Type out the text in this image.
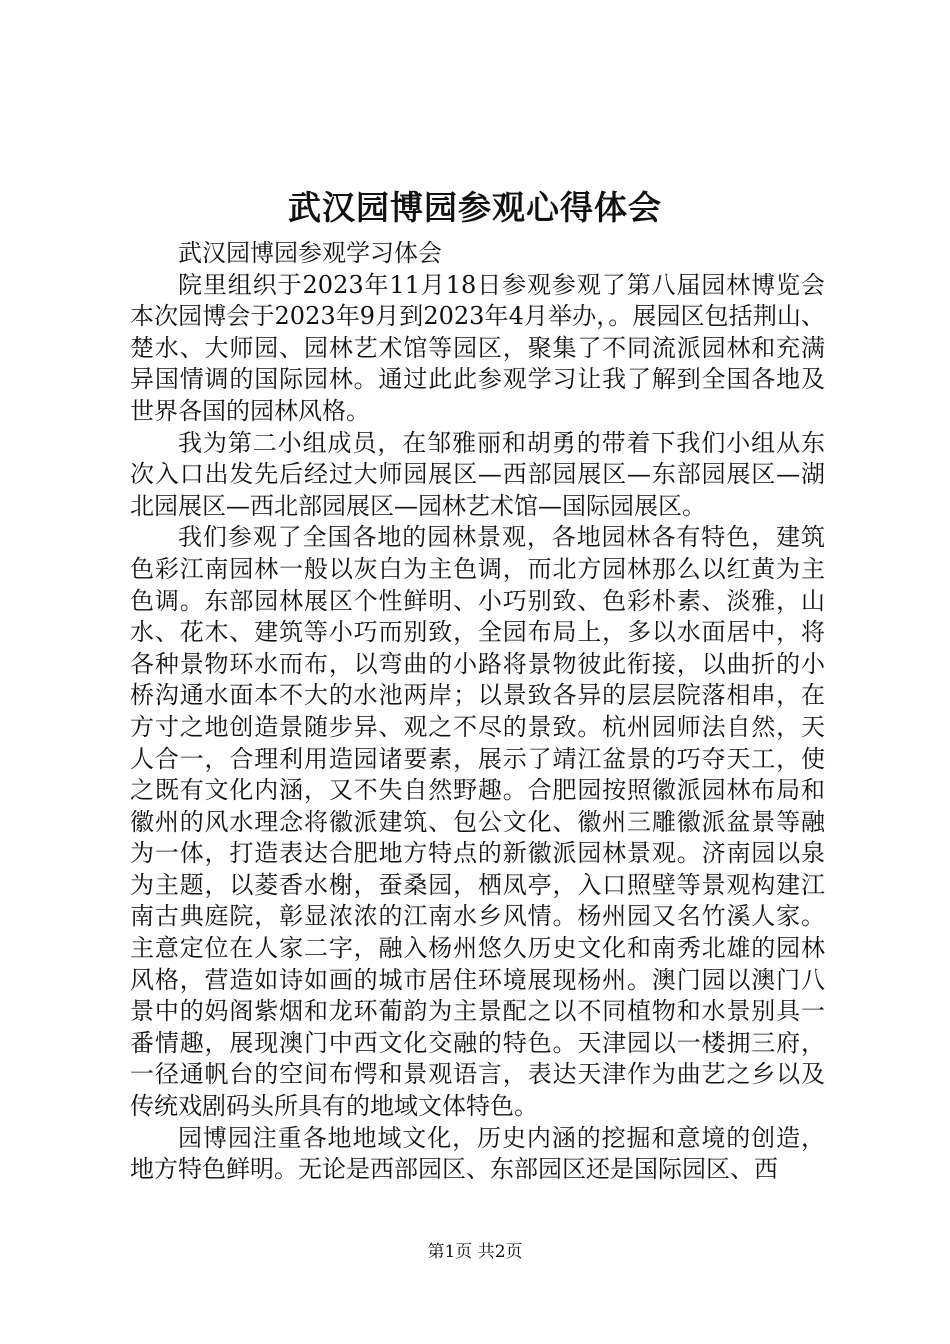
武汉园博园参观心得体会

武汉园博园参观学习体会

院里组织于2023年11月18日参观参观了第八届园林博览会本次园博会于2023年9月到2023年4月举办，。展园区包括荆山、楚水、大师园、园林艺术馆等园区，聚集了不同流派园林和充满异国情调的国际园林。通过此此参观学习让我了解到全国各地及世界各国的园林风格。

我为第二小组成员，在邹雅丽和胡勇的带着下我们小组从东次入口出发先后经过大师园展区—西部园展区—东部园展区—湖北园展区—西北部园展区—园林艺术馆—国际园展区。

我们参观了全国各地的园林景观，各地园林各有特色，建筑色彩江南园林一般以灰白为主色调，而北方园林那么以红黄为主色调。东部园林展区个性鲜明、小巧别致、色彩朴素、淡雅，山水、花木、建筑等小巧而别致，全园布局上，多以水面居中，将各种景物环水而布，以弯曲的小路将景物彼此衔接，以曲折的小桥沟通水面本不大的水池两岸；以景致各异的层层院落相串，在方寸之地创造景随步异、观之不尽的景致。杭州园师法自然，天人合一，合理利用造园诸要素，展示了靖江盆景的巧夺天工，使之既有文化内涵，又不失自然野趣。合肥园按照徽派园林布局和徽州的风水理念将徽派建筑、包公文化、徽州三雕徽派盆景等融为一体，打造表达合肥地方特点的新徽派园林景观。济南园以泉为主题，以菱香水榭，蚕桑园，栖凤亭，入口照壁等景观构建江南古典庭院，彰显浓浓的江南水乡风情。杨州园又名竹溪人家。主意定位在人家二字，融入杨州悠久历史文化和南秀北雄的园林风格，营造如诗如画的城市居住环境展现杨州。澳门园以澳门八景中的妈阁紫烟和龙环葡韵为主景配之以不同植物和水景别具一番情趣，展现澳门中西文化交融的特色。天津园以一楼拥三府，一径通帆台的空间布愕和景观语言，表达天津作为曲艺之乡以及传统戏剧码头所具有的地域文体特色。

园博园注重各地地域文化，历史内涵的挖掘和意境的创造，地方特色鲜明。无论是西部园区、东部园区还是国际园区、西

第1页 共2页
